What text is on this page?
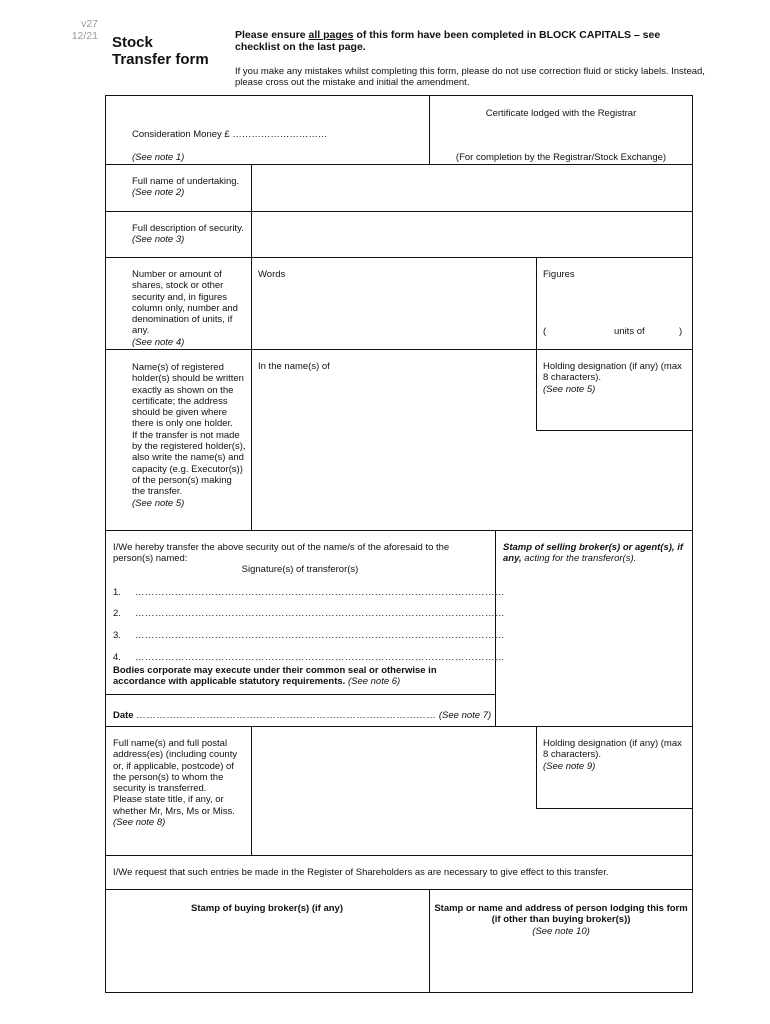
v27
12/21 Stock
Transfer form
Please ensure all pages of this form have been completed in BLOCK CAPITALS – see checklist on the last page.
If you make any mistakes whilst completing this form, please do not use correction fluid or sticky labels. Instead, please cross out the mistake and initial the amendment.
Consideration Money £ …………………………
(See note 1)
Certificate lodged with the Registrar
(For completion by the Registrar/Stock Exchange)
Full name of undertaking.
(See note 2)
Full description of security.
(See note 3)
Number or amount of shares, stock or other security and, in figures column only, number and denomination of units, if any.
(See note 4)
Words	Figures
(	units of	)
Name(s) of registered holder(s) should be written exactly as shown on the certificate; the address should be given where there is only one holder.
If the transfer is not made by the registered holder(s), also write the name(s) and capacity (e.g. Executor(s)) of the person(s) making the transfer.
(See note 5)
In the name(s) of	Holding designation (if any) (max 8 characters).
(See note 5)
I/We hereby transfer the above security out of the name/s of the aforesaid to the person(s) named:
Signature(s) of transferor(s)
1. …………………………………………………………………………………………………
2. …………………………………………………………………………………………………
3. …………………………………………………………………………………………………
4. …………………………………………………………………………………………………
Bodies corporate may execute under their common seal or otherwise in accordance with applicable statutory requirements. (See note 6)
Stamp of selling broker(s) or agent(s), if any, acting for the transferor(s).
Date ……………………………………………………………………………… (See note 7)
Full name(s) and full postal address(es) (including county or, if applicable, postcode) of the person(s) to whom the security is transferred.
Please state title, if any, or whether Mr, Mrs, Ms or Miss.
(See note 8)
Holding designation (if any) (max 8 characters).
(See note 9)
I/We request that such entries be made in the Register of Shareholders as are necessary to give effect to this transfer.
Stamp of buying broker(s) (if any)	Stamp or name and address of person lodging this form (if other than buying broker(s))
(See note 10)
